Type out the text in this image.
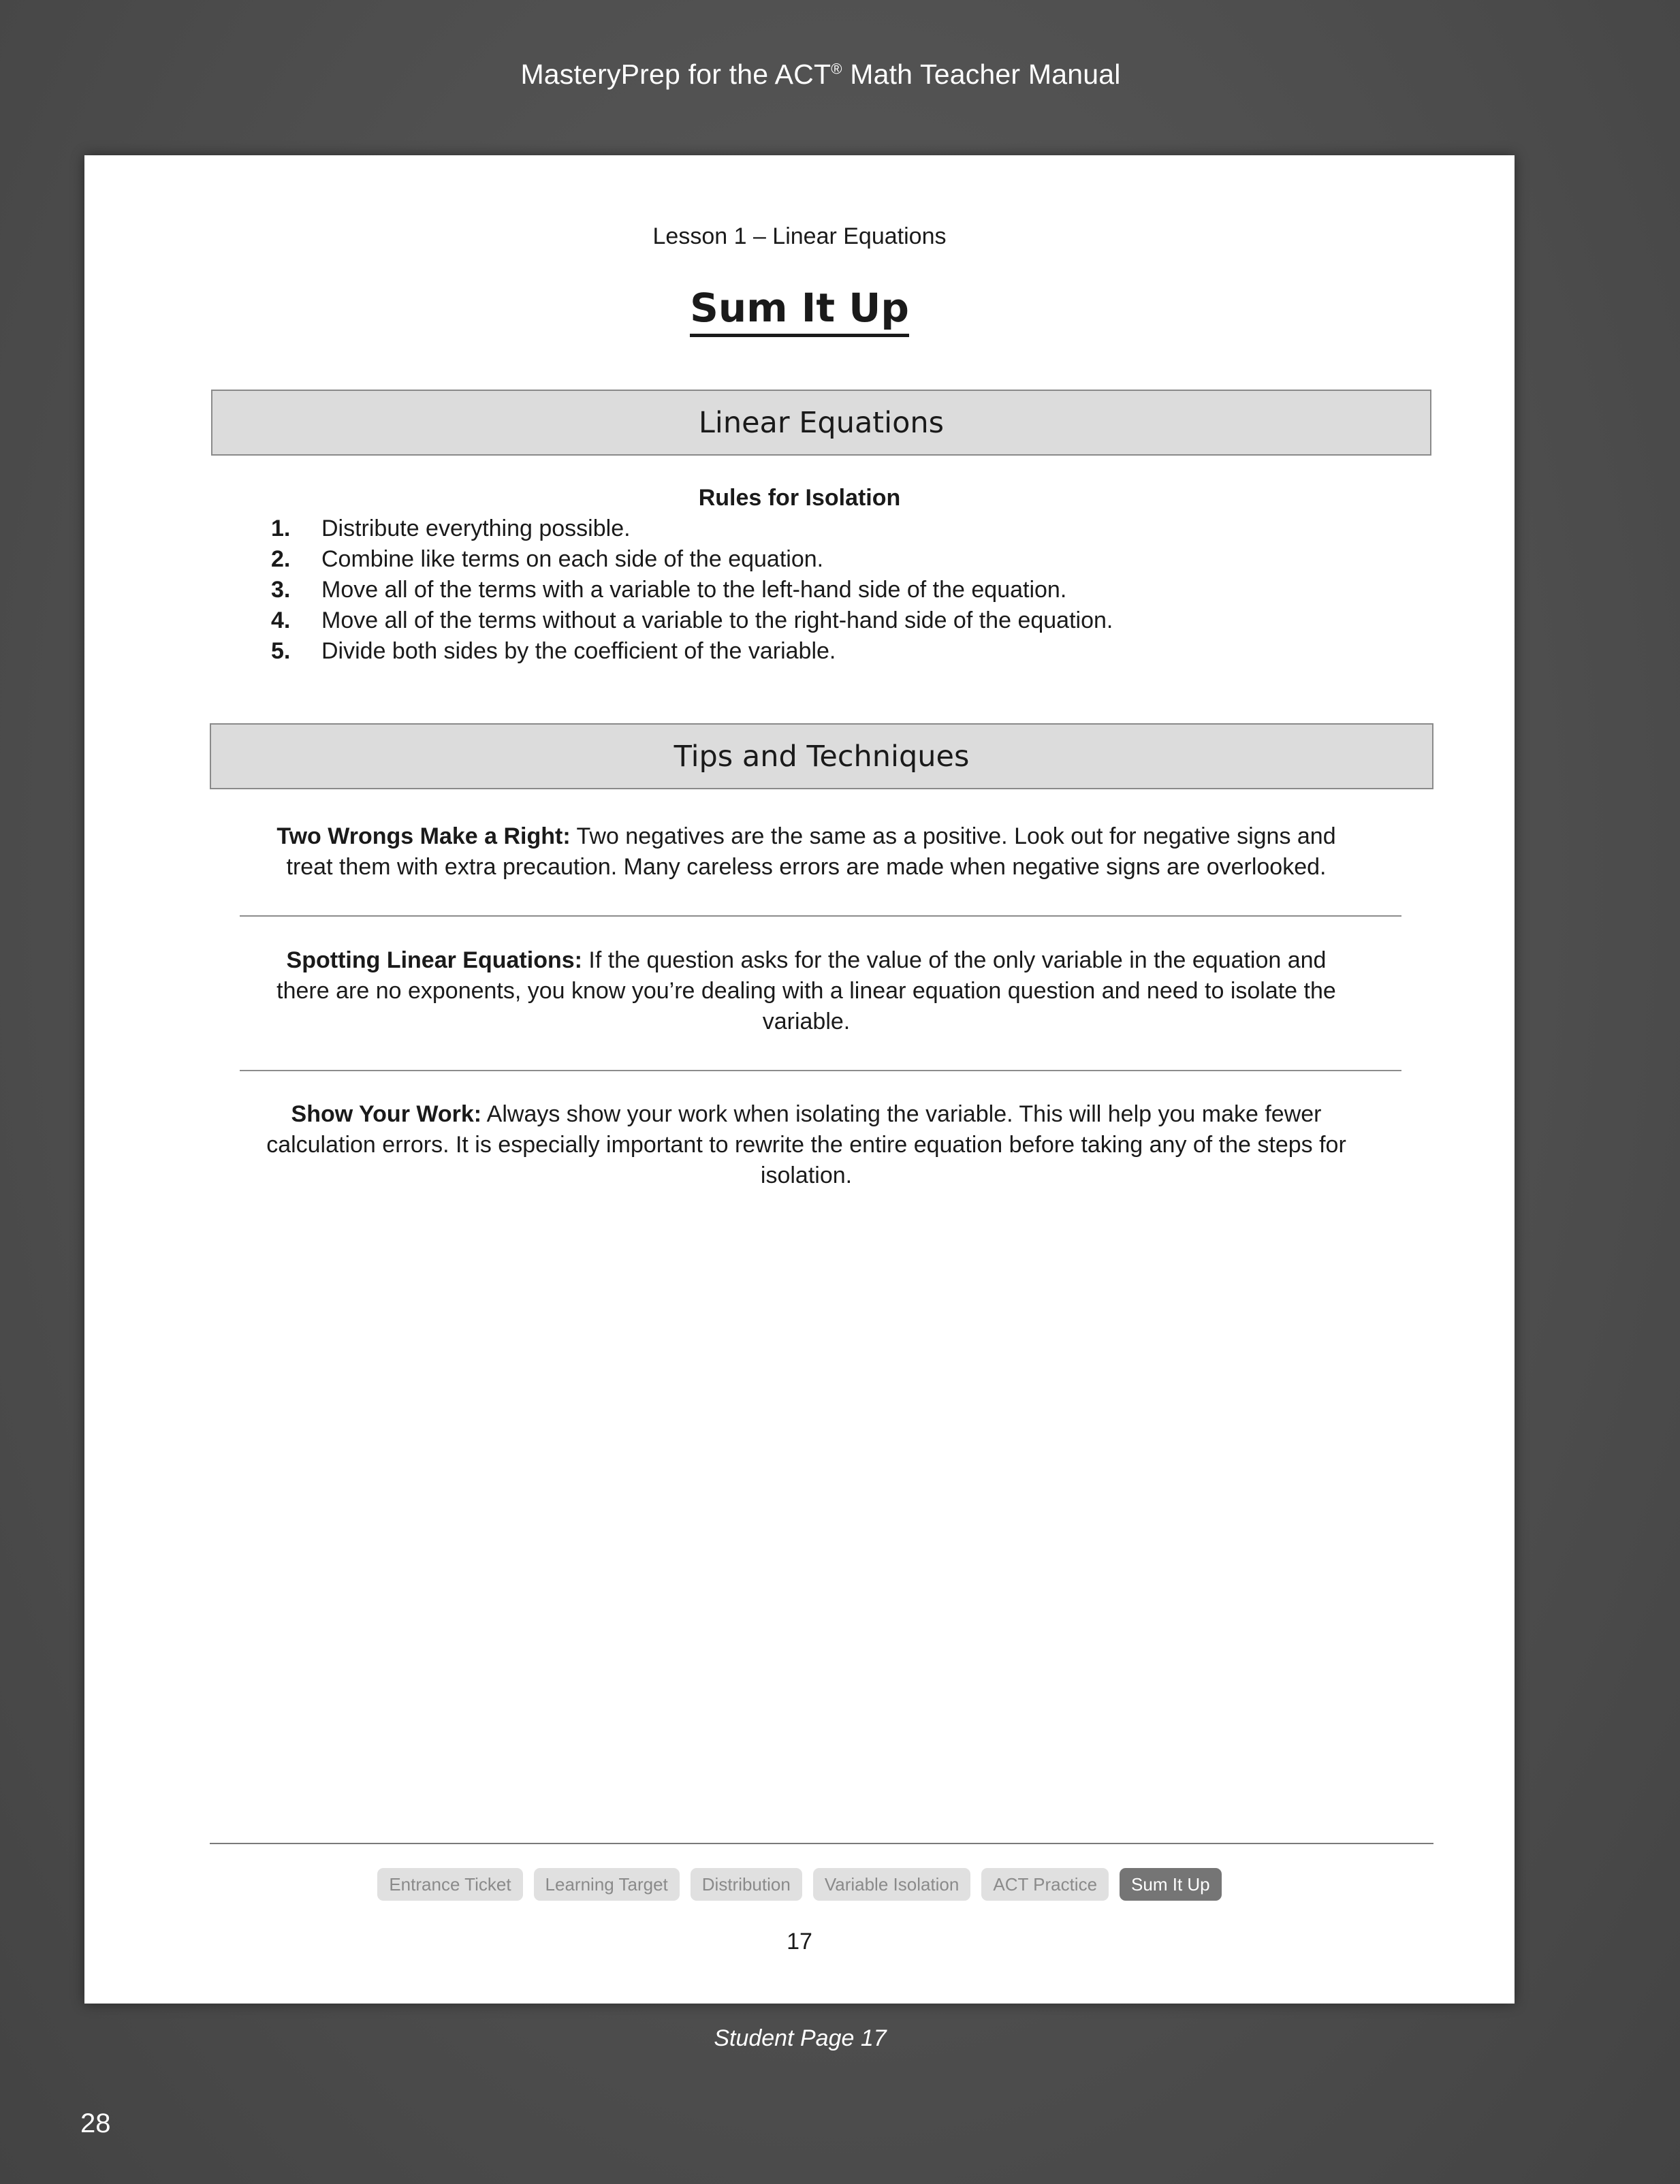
MasteryPrep for the ACT® Math Teacher Manual
Lesson 1 – Linear Equations
Sum It Up
Linear Equations
Rules for Isolation
1.	Distribute everything possible.
2.	Combine like terms on each side of the equation.
3.	Move all of the terms with a variable to the left-hand side of the equation.
4.	Move all of the terms without a variable to the right-hand side of the equation.
5.	Divide both sides by the coefficient of the variable.
Tips and Techniques
Two Wrongs Make a Right: Two negatives are the same as a positive. Look out for negative signs and treat them with extra precaution. Many careless errors are made when negative signs are overlooked.
Spotting Linear Equations: If the question asks for the value of the only variable in the equation and there are no exponents, you know you’re dealing with a linear equation question and need to isolate the variable.
Show Your Work: Always show your work when isolating the variable. This will help you make fewer calculation errors. It is especially important to rewrite the entire equation before taking any of the steps for isolation.
Entrance Ticket	Learning Target	Distribution	Variable Isolation	ACT Practice	Sum It Up
17
Student Page 17
28
